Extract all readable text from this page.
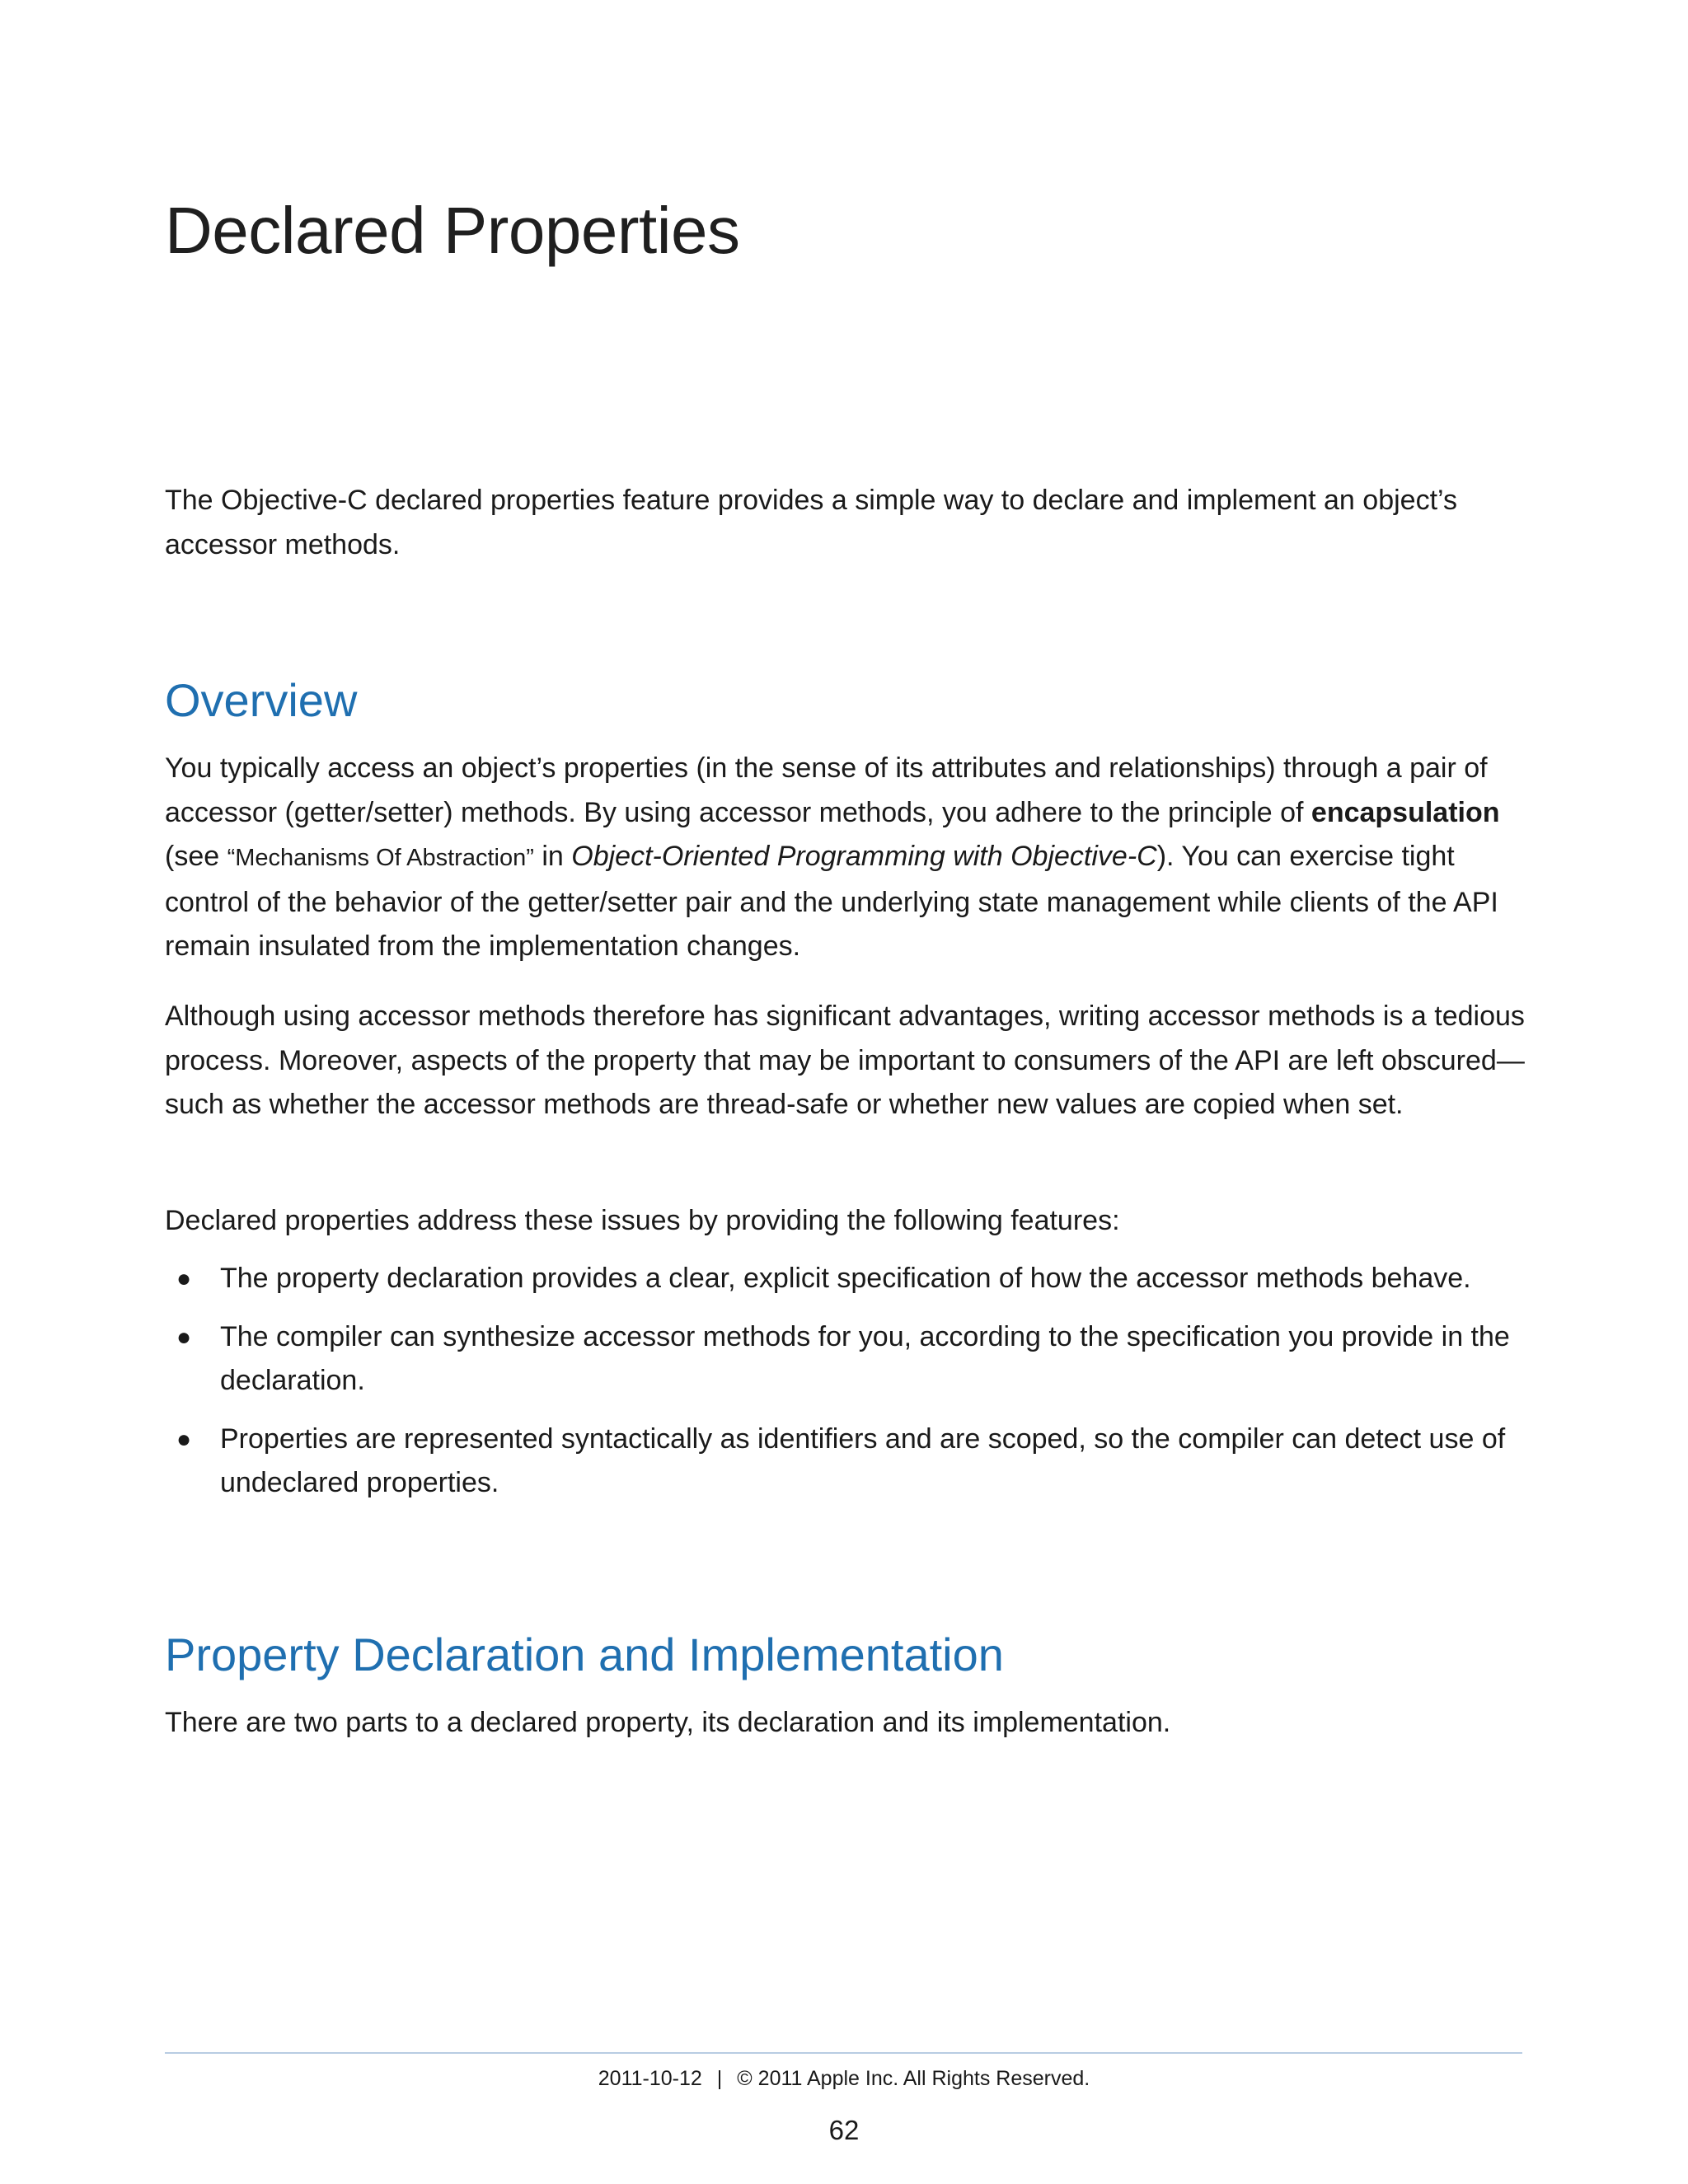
Declared Properties

The Objective-C declared properties feature provides a simple way to declare and implement an object’s accessor methods.

Overview

You typically access an object’s properties (in the sense of its attributes and relationships) through a pair of accessor (getter/setter) methods. By using accessor methods, you adhere to the principle of encapsulation (see “Mechanisms Of Abstraction” in Object-Oriented Programming with Objective-C). You can exercise tight control of the behavior of the getter/setter pair and the underlying state management while clients of the API remain insulated from the implementation changes.

Although using accessor methods therefore has significant advantages, writing accessor methods is a tedious process. Moreover, aspects of the property that may be important to consumers of the API are left obscured—such as whether the accessor methods are thread-safe or whether new values are copied when set.

Declared properties address these issues by providing the following features:

● The property declaration provides a clear, explicit specification of how the accessor methods behave.
● The compiler can synthesize accessor methods for you, according to the specification you provide in the declaration.
● Properties are represented syntactically as identifiers and are scoped, so the compiler can detect use of undeclared properties.
Property Declaration and Implementation

There are two parts to a declared property, its declaration and its implementation.

2011-10-12 | © 2011 Apple Inc. All Rights Reserved.
62
